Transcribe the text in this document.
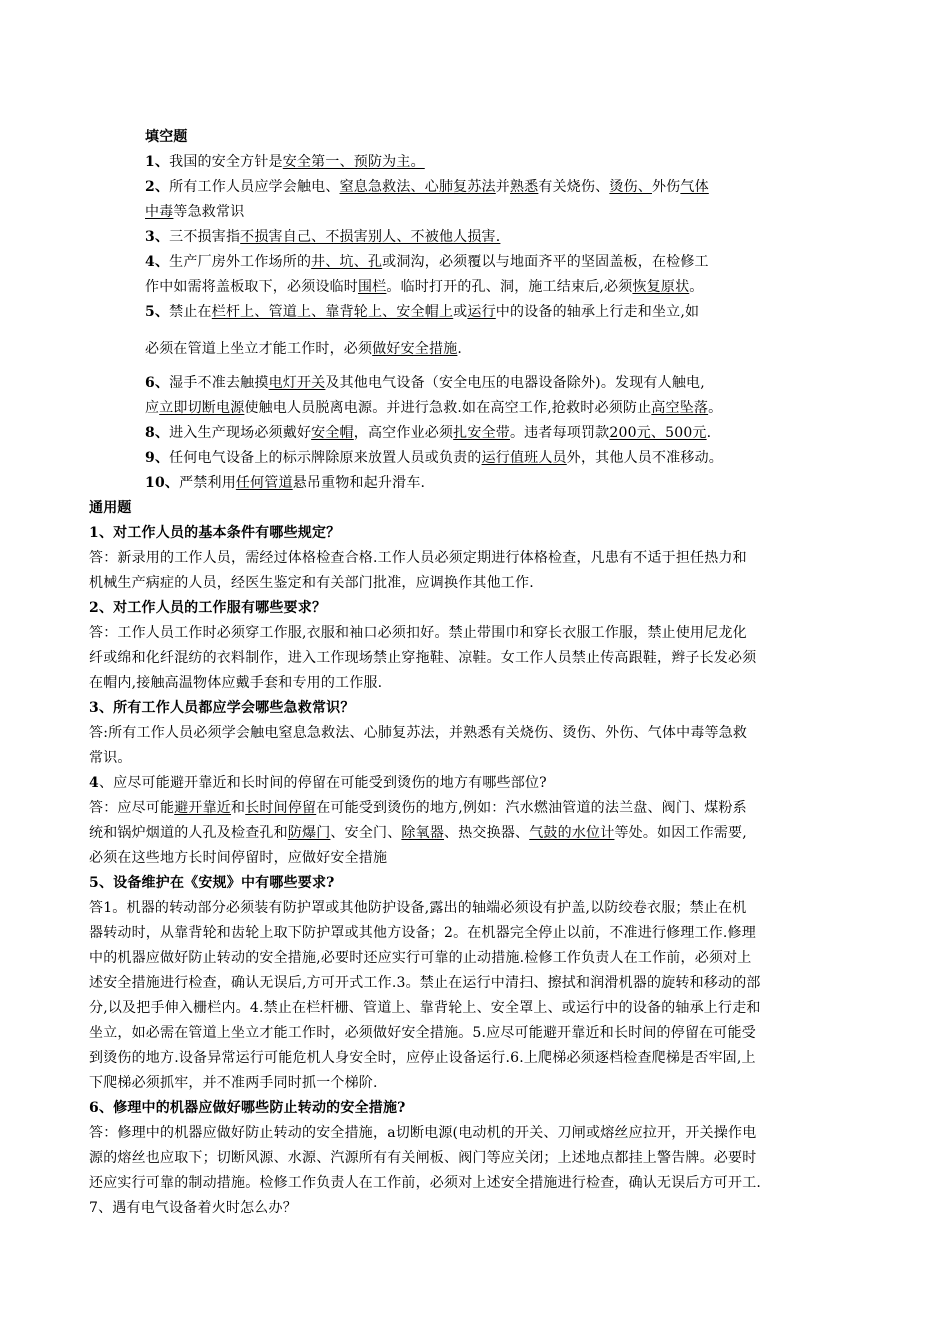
填空题
1、我国的安全方针是安全第一、预防为主。
2、所有工作人员应学会触电、窒息急救法、心肺复苏法并熟悉有关烧伤、烫伤、外伤气体
中毒等急救常识
3、三不损害指不损害自己、不损害别人、不被他人损害.
4、生产厂房外工作场所的井、坑、孔或洞沟，必须覆以与地面齐平的坚固盖板，在检修工
作中如需将盖板取下，必须设临时围栏。临时打开的孔、洞，施工结束后,必须恢复原状。
5、禁止在栏杆上、管道上、靠背轮上、安全帽上或运行中的设备的轴承上行走和坐立,如
必须在管道上坐立才能工作时，必须做好安全措施.
6、湿手不准去触摸电灯开关及其他电气设备（安全电压的电器设备除外)。发现有人触电,
应立即切断电源使触电人员脱离电源。并进行急救.如在高空工作,抢救时必须防止高空坠落。
8、进入生产现场必须戴好安全帽，高空作业必须扎安全带。违者每项罚款200元、500元.
9、任何电气设备上的标示牌除原来放置人员或负责的运行值班人员外，其他人员不准移动。
10、严禁利用任何管道悬吊重物和起升滑车.
通用题
1、对工作人员的基本条件有哪些规定？
答：新录用的工作人员，需经过体格检查合格.工作人员必须定期进行体格检查，凡患有不适于担任热力和
机械生产病症的人员，经医生鉴定和有关部门批准，应调换作其他工作.
2、对工作人员的工作服有哪些要求？
答：工作人员工作时必须穿工作服,衣服和袖口必须扣好。禁止带围巾和穿长衣服工作服，禁止使用尼龙化
纤或绵和化纤混纺的衣料制作，进入工作现场禁止穿拖鞋、凉鞋。女工作人员禁止传高跟鞋，辫子长发必须
在帽内,接触高温物体应戴手套和专用的工作服.
3、所有工作人员都应学会哪些急救常识？
答:所有工作人员必须学会触电窒息急救法、心肺复苏法，并熟悉有关烧伤、烫伤、外伤、气体中毒等急救
常识。
4、应尽可能避开靠近和长时间的停留在可能受到烫伤的地方有哪些部位?
答：应尽可能避开靠近和长时间停留在可能受到烫伤的地方,例如：汽水燃油管道的法兰盘、阀门、煤粉系
统和锅炉烟道的人孔及检查孔和防爆门、安全门、除氧器、热交换器、气鼓的水位计等处。如因工作需要,
必须在这些地方长时间停留时，应做好安全措施
5、设备维护在《安规》中有哪些要求?
答1。机器的转动部分必须装有防护罩或其他防护设备,露出的轴端必须设有护盖,以防绞卷衣服；禁止在机
器转动时，从靠背轮和齿轮上取下防护罩或其他方设备；2。在机器完全停止以前，不准进行修理工作.修理
中的机器应做好防止转动的安全措施,必要时还应实行可靠的止动措施.检修工作负责人在工作前，必须对上
述安全措施进行检查，确认无误后,方可开式工作.3。禁止在运行中清扫、擦拭和润滑机器的旋转和移动的部
分,以及把手伸入栅栏内。4.禁止在栏杆栅、管道上、靠背轮上、安全罩上、或运行中的设备的轴承上行走和
坐立，如必需在管道上坐立才能工作时，必须做好安全措施。5.应尽可能避开靠近和长时间的停留在可能受
到烫伤的地方.设备异常运行可能危机人身安全时，应停止设备运行.6.上爬梯必须逐档检查爬梯是否牢固,上
下爬梯必须抓牢，并不准两手同时抓一个梯阶.
6、修理中的机器应做好哪些防止转动的安全措施?
答：修理中的机器应做好防止转动的安全措施，a切断电源(电动机的开关、刀闸或熔丝应拉开，开关操作电
源的熔丝也应取下；切断风源、水源、汽源所有有关闸板、阀门等应关闭；上述地点都挂上警告牌。必要时
还应实行可靠的制动措施。检修工作负责人在工作前，必须对上述安全措施进行检查，确认无误后方可开工.
7、遇有电气设备着火时怎么办？
